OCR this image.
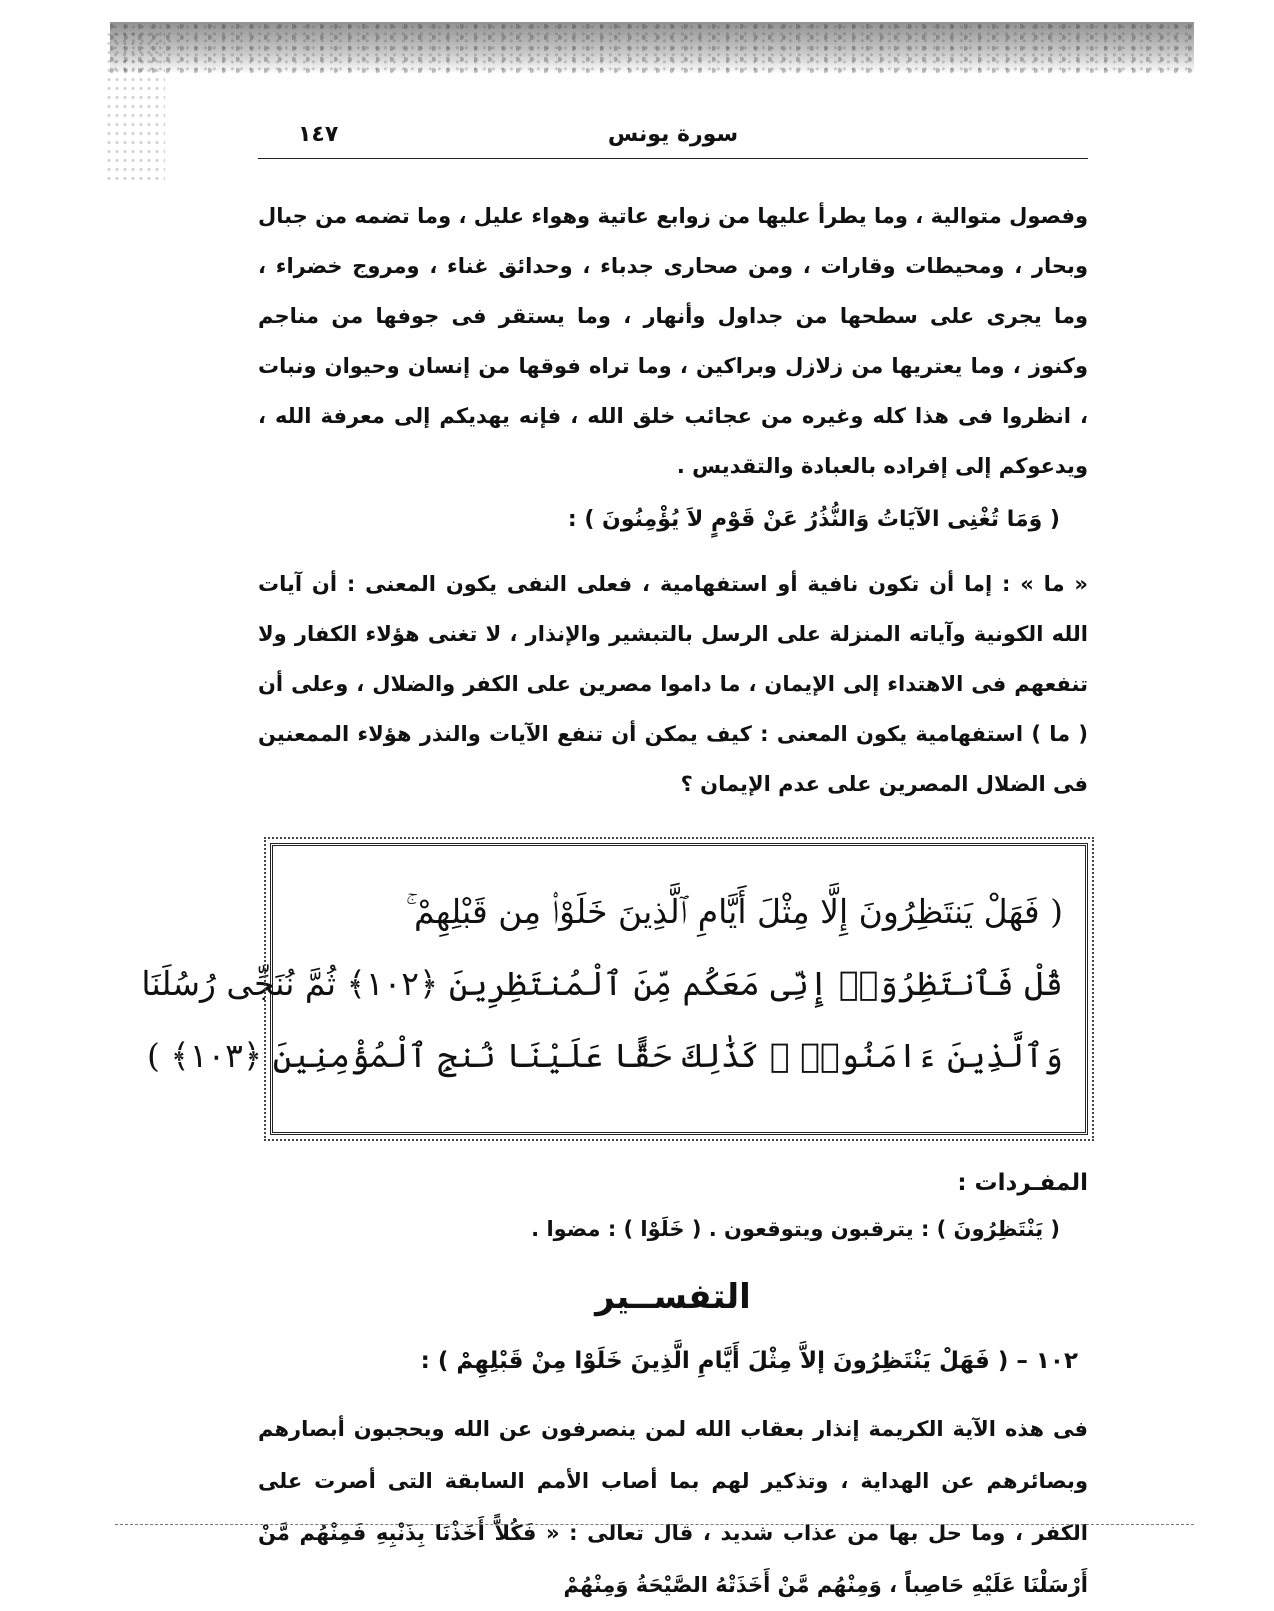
سورة يونس
١٤٧

وفصول متوالية ، وما يطرأ عليها من زوابع عاتية وهواء عليل ، وما تضمه من جبال وبحار ، ومحيطات وقارات ، ومن صحارى جدباء ، وحدائق غناء ، ومروج خضراء ، وما يجرى على سطحها من جداول وأنهار ، وما يستقر فى جوفها من مناجم وكنوز ، وما يعتريها من زلازل وبراكين ، وما تراه فوقها من إنسان وحيوان ونبات ، انظروا فى هذا كله وغيره من عجائب خلق الله ، فإنه يهديكم إلى معرفة الله ، ويدعوكم إلى إفراده بالعبادة والتقديس .

( وَمَا تُغْنِى الآيَاتُ وَالنُّذُرُ عَنْ قَوْمٍ لاَ يُؤْمِنُونَ ) :

« ما » : إما أن تكون نافية أو استفهامية ، فعلى النفى يكون المعنى : أن آيات الله الكونية وآياته المنزلة على الرسل بالتبشير والإنذار ، لا تغنى هؤلاء الكفار ولا تنفعهم فى الاهتداء إلى الإيمان ، ما داموا مصرين على الكفر والضلال ، وعلى أن ( ما ) استفهامية يكون المعنى : كيف يمكن أن تنفع الآيات والنذر هؤلاء الممعنين فى الضلال المصرين على عدم الإيمان ؟

( فَهَلْ يَنتَظِرُونَ إِلَّا مِثْلَ أَيَّامِ ٱلَّذِينَ خَلَوْا۟ مِن قَبْلِهِمْ ۚ

قُلْ فَٱنتَظِرُوٓا۟ إِنِّى مَعَكُم مِّنَ ٱلْمُنتَظِرِينَ ﴿١٠٢﴾ ثُمَّ نُنَجِّى رُسُلَنَا

وَٱلَّذِينَ ءَامَنُوا۟ ۚ كَذَٰلِكَ حَقًّا عَلَيْنَا نُنجِ ٱلْمُؤْمِنِينَ ﴿١٠٣﴾ )

المفـردات :

( يَنْتَظِرُونَ ) : يترقبون ويتوقعون . ( خَلَوْا ) : مضوا .

التفســير

١٠٢ – ( فَهَلْ يَنْتَظِرُونَ إلاَّ مِثْلَ أَيَّامِ الَّذِينَ خَلَوْا مِنْ قَبْلِهِمْ ) :

فى هذه الآية الكريمة إنذار بعقاب الله لمن ينصرفون عن الله ويحجبون أبصارهم وبصائرهم عن الهداية ، وتذكير لهم بما أصاب الأمم السابقة التى أصرت على الكفر ، وما حل بها من عذاب شديد ، قال تعالى : « فَكُلاًّ أَخَذْنَا بِذَنْبِهِ فَمِنْهُم مَّنْ أَرْسَلْنَا عَلَيْهِ حَاصِباً ، وَمِنْهُم مَّنْ أَخَذَتْهُ الصَّيْحَةُ وَمِنْهُمْ
